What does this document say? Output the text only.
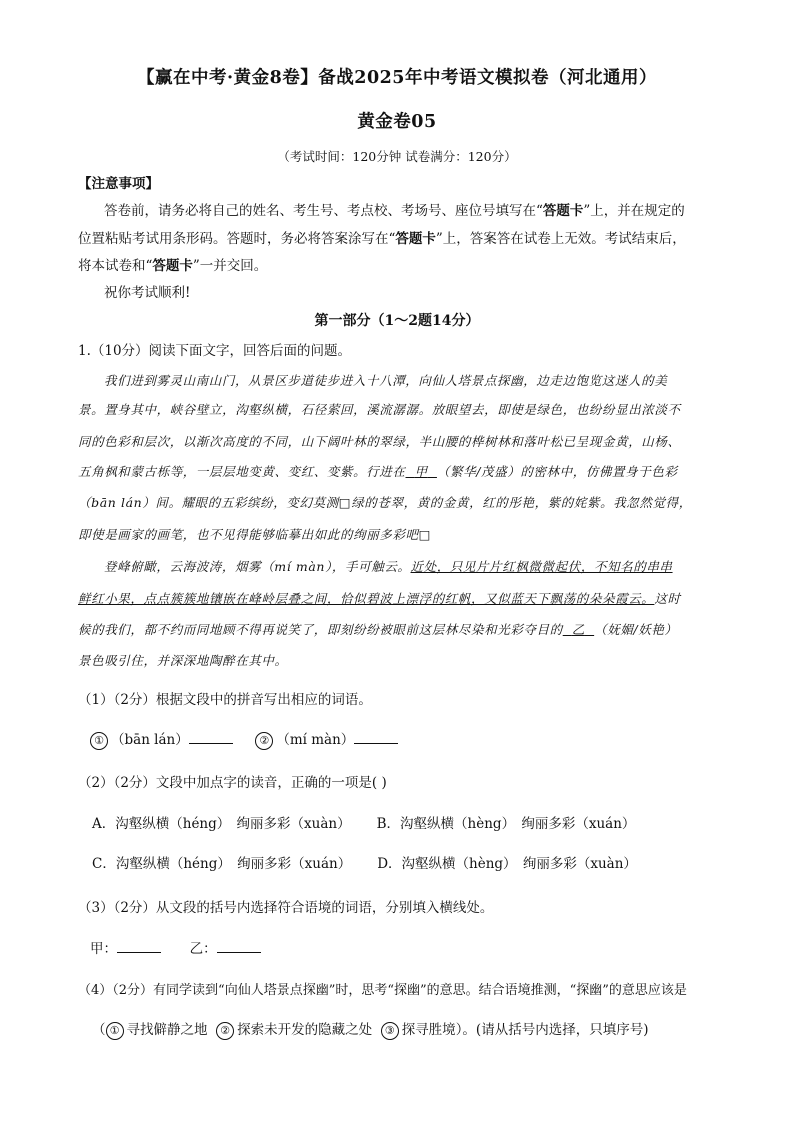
【赢在中考·黄金8卷】备战2025年中考语文模拟卷（河北通用）
黄金卷05
（考试时间：120分钟 试卷满分：120分）
【注意事项】
答卷前，请务必将自己的姓名、考生号、考点校、考场号、座位号填写在“答题卡”上，并在规定的
位置粘贴考试用条形码。答题时，务必将答案涂写在“答题卡”上，答案答在试卷上无效。考试结束后，
将本试卷和“答题卡”一并交回。
祝你考试顺利!
第一部分（1～2题14分）
1.（10分）阅读下面文字，回答后面的问题。
我们进到雾灵山南山门，从景区步道徒步进入十八潭，向仙人塔景点探幽，边走边饱览这迷人的美
景。置身其中，峡谷壁立，沟壑纵横，石径萦回，溪流潺潺。放眼望去，即使是绿色，也纷纷显出浓淡不
同的色彩和层次，以渐次高度的不同，山下阔叶林的翠绿，半山腰的桦树林和落叶松已呈现金黄，山杨、
五角枫和蒙古栎等，一层层地变黄、变红、变紫。行进在 甲 （繁华/茂盛）的密林中，仿佛置身于色彩
（bān lán）间。耀眼的五彩缤纷，变幻莫测□绿的苍翠，黄的金黄，红的彤艳，紫的姹紫。我忽然觉得，
即使是画家的画笔，也不见得能够临摹出如此的绚丽多彩吧□
登峰俯瞰，云海波涛，烟雾（mí màn），手可触云。近处，只见片片红枫微微起伏，不知名的串串
鲜红小果，点点簇簇地镶嵌在峰岭层叠之间，恰似碧波上漂浮的红帆，又似蓝天下飘荡的朵朵霞云。这时
候的我们，都不约而同地顾不得再说笑了，即刻纷纷被眼前这层林尽染和光彩夺目的 乙 （妩媚/妖艳）
景色吸引住，并深深地陶醉在其中。
（1）（2分）根据文段中的拼音写出相应的词语。
① （bān lán）	② （mí màn）
（2）（2分）文段中加点字的读音，正确的一项是( )
A．沟壑纵横（héng） 绚丽多彩（xuàn） B．沟壑纵横（hèng） 绚丽多彩（xuán）
C．沟壑纵横（héng） 绚丽多彩（xuán） D．沟壑纵横（hèng） 绚丽多彩（xuàn）
（3）（2分）从文段的括号内选择符合语境的词语，分别填入横线处。
甲：	乙：
（4）（2分）有同学读到“向仙人塔景点探幽”时，思考“探幽”的意思。结合语境推测，“探幽”的意思应该是
（ ① 寻找僻静之地 ② 探索未开发的隐藏之处 ③ 探寻胜境）。(请从括号内选择，只填序号)
